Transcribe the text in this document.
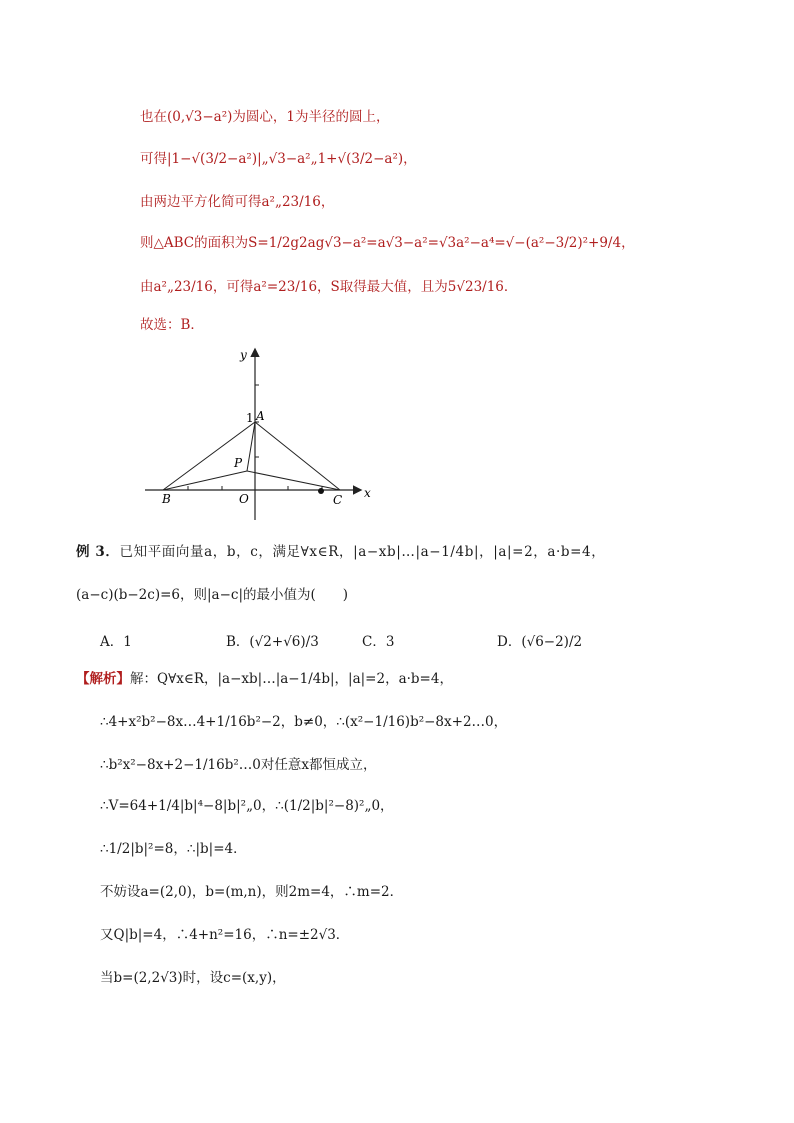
也在(0,√3−a²)为圆心，1为半径的圆上，
可得|1−√(3/2−a²)|„√3−a²„1+√(3/2−a²)，
由两边平方化简可得a²„23/16，
则△ABC的面积为S=1/2g2ag√3−a²=a√3−a²=√3a²−a⁴=√−(a²−3/2)²+9/4，
由a²„23/16，可得a²=23/16，S取得最大值，且为5√23/16．
故选：B．
y
x
1 A
P
B	O	C
例 3．已知平面向量a，b，c，满足∀x∈R，|a−xb|…|a−1/4b|，|a|=2，a·b=4，
(a−c)(b−2c)=6，则|a−c|的最小值为(　　)
A．1	B．(√2+√6)/3	C．3	D．(√6−2)/2
【解析】解：Q∀x∈R，|a−xb|…|a−1/4b|，|a|=2，a·b=4，
∴4+x²b²−8x…4+1/16b²−2，b≠0，∴(x²−1/16)b²−8x+2…0，
∴b²x²−8x+2−1/16b²…0对任意x都恒成立，
∴V=64+1/4|b|⁴−8|b|²„0，∴(1/2|b|²−8)²„0，
∴1/2|b|²=8，∴|b|=4．
不妨设a=(2,0)，b=(m,n)，则2m=4，∴m=2．
又Q|b|=4，∴4+n²=16，∴n=±2√3．
当b=(2,2√3)时，设c=(x,y)，
